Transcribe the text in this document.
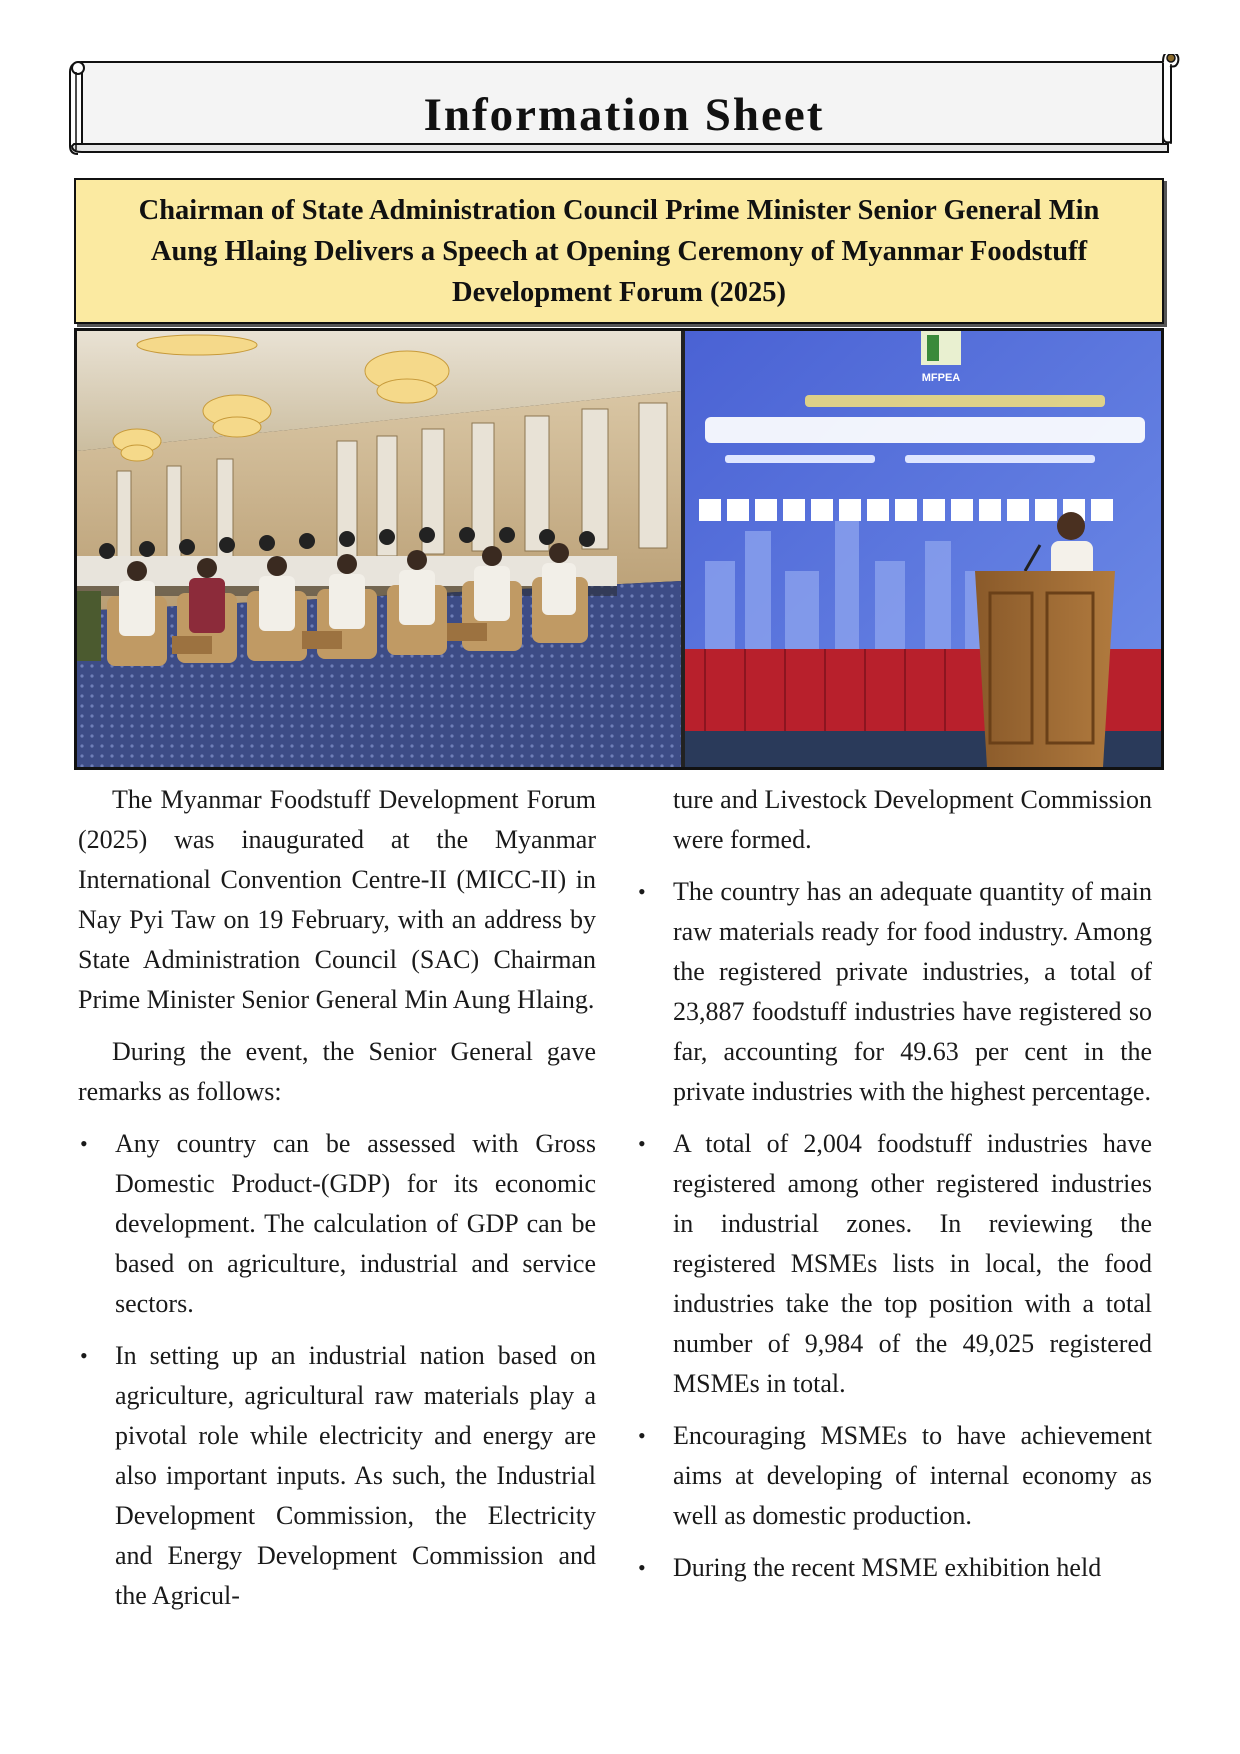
Information Sheet
Chairman of State Administration Council Prime Minister Senior General Min Aung Hlaing Delivers a Speech at Opening Ceremony of Myanmar Foodstuff Development Forum (2025)
MFPEA

The Myanmar Foodstuff Development Forum (2025) was inaugurated at the Myanmar International Convention Centre-II (MICC-II) in Nay Pyi Taw on 19 February, with an address by State Administration Council (SAC) Chairman Prime Minister Senior General Min Aung Hlaing.

During the event, the Senior General gave remarks as follows:

• Any country can be assessed with Gross Domestic Product-(GDP) for its economic development. The calculation of GDP can be based on agriculture, industrial and service sectors.
• In setting up an industrial nation based on agriculture, agricultural raw materials play a pivotal role while electricity and energy are also important inputs. As such, the Industrial Development Commission, the Electricity and Energy Development Commission and the Agricul-

ture and Livestock Development Commission were formed.

• The country has an adequate quantity of main raw materials ready for food industry. Among the registered private industries, a total of 23,887 foodstuff industries have registered so far, accounting for 49.63 per cent in the private industries with the highest percentage.
• A total of 2,004 foodstuff industries have registered among other registered industries in industrial zones. In reviewing the registered MSMEs lists in local, the food industries take the top position with a total number of 9,984 of the 49,025 registered MSMEs in total.
• Encouraging MSMEs to have achievement aims at developing of internal economy as well as domestic production.
• During the recent MSME exhibition held
